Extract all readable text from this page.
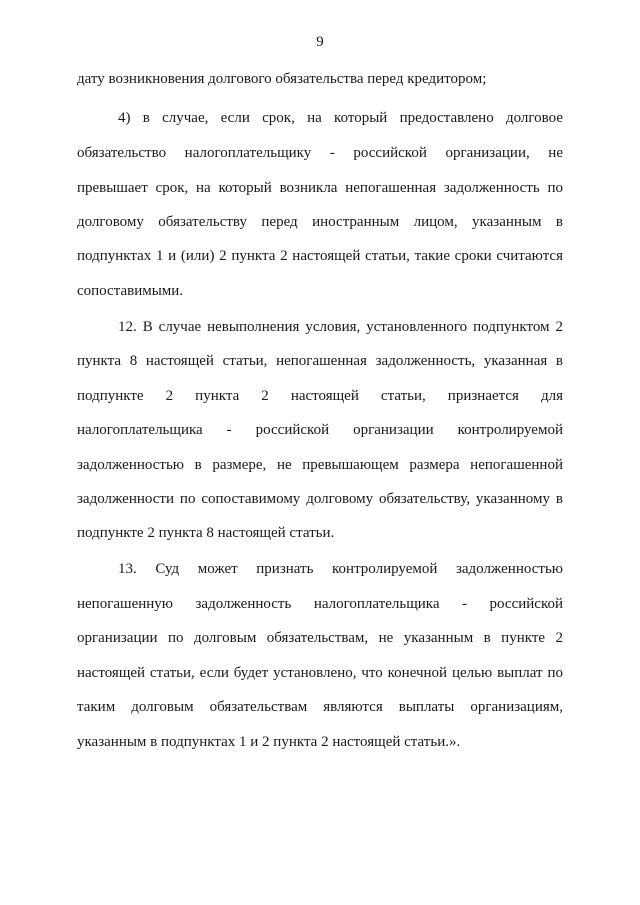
9
дату возникновения долгового обязательства перед кредитором;
4) в случае, если срок, на который предоставлено долговое
обязательство налогоплательщику - российской организации, не
превышает срок, на который возникла непогашенная задолженность по
долговому обязательству перед иностранным лицом, указанным в
подпунктах 1 и (или) 2 пункта 2 настоящей статьи, такие сроки считаются
сопоставимыми.
12. В случае невыполнения условия, установленного подпунктом 2
пункта 8 настоящей статьи, непогашенная задолженность, указанная в
подпункте 2 пункта 2 настоящей статьи, признается для
налогоплательщика - российской организации контролируемой
задолженностью в размере, не превышающем размера непогашенной
задолженности по сопоставимому долговому обязательству, указанному в
подпункте 2 пункта 8 настоящей статьи.
13. Суд может признать контролируемой задолженностью
непогашенную задолженность налогоплательщика - российской
организации по долговым обязательствам, не указанным в пункте 2
настоящей статьи, если будет установлено, что конечной целью выплат по
таким долговым обязательствам являются выплаты организациям,
указанным в подпунктах 1 и 2 пункта 2 настоящей статьи.».
